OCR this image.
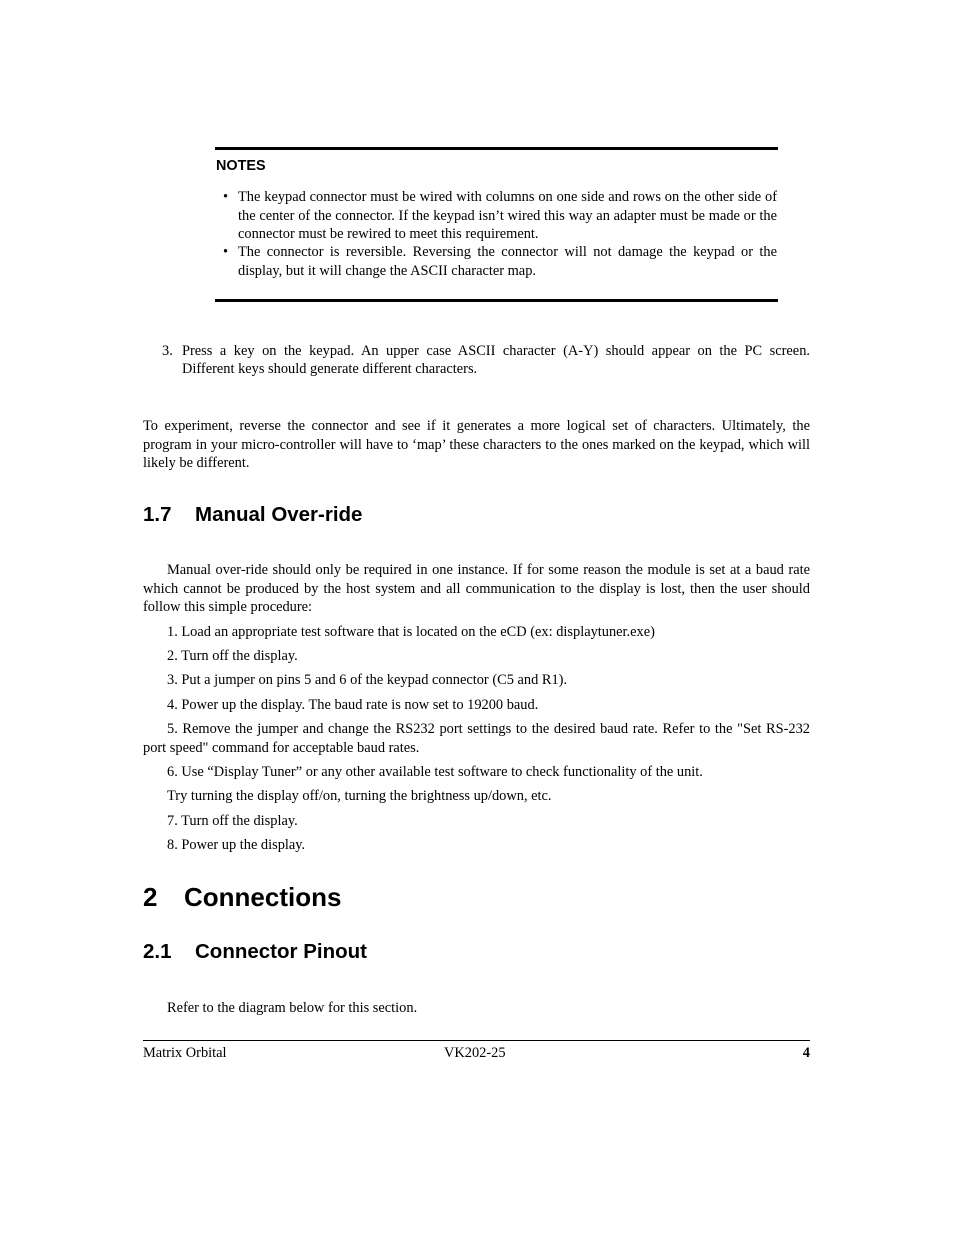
NOTES
• The keypad connector must be wired with columns on one side and rows on the other side of the center of the connector. If the keypad isn’t wired this way an adapter must be made or the connector must be rewired to meet this requirement.
• The connector is reversible. Reversing the connector will not damage the keypad or the display, but it will change the ASCII character map.
3. Press a key on the keypad. An upper case ASCII character (A-Y) should appear on the PC screen.
Different keys should generate different characters.
To experiment, reverse the connector and see if it generates a more logical set of characters. Ultimately, the program in your micro-controller will have to ‘map’ these characters to the ones marked on the keypad, which will likely be different.
1.7 Manual Over-ride
Manual over-ride should only be required in one instance. If for some reason the module is set at a baud rate which cannot be produced by the host system and all communication to the display is lost, then the user should follow this simple procedure:
1. Load an appropriate test software that is located on the eCD (ex: displaytuner.exe)
2. Turn off the display.
3. Put a jumper on pins 5 and 6 of the keypad connector (C5 and R1).
4. Power up the display. The baud rate is now set to 19200 baud.
5. Remove the jumper and change the RS232 port settings to the desired baud rate. Refer to the "Set RS-232 port speed" command for acceptable baud rates.
6. Use “Display Tuner” or any other available test software to check functionality of the unit.
Try turning the display off/on, turning the brightness up/down, etc.
7. Turn off the display.
8. Power up the display.
2 Connections
2.1 Connector Pinout
Refer to the diagram below for this section.
Matrix Orbital	VK202-25	4
